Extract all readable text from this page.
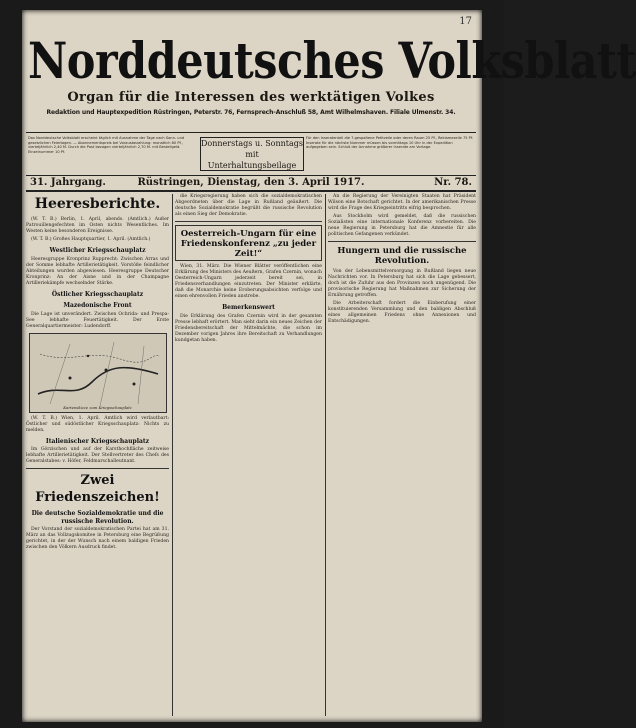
17
Norddeutsches Volksblatt
Organ für die Interessen des werktätigen Volkes
Redaktion und Hauptexpedition Rüstringen, Peterstr. 76, Fernsprech-Anschluß 58, Amt Wilhelmshaven. Filiale Ulmenstr. 34.
Das Norddeutsche Volksblatt erscheint täglich mit Ausnahme der Tage nach Sonn- und gesetzlichen Feiertagen. — Abonnementspreis bei Vorausbezahlung: monatlich 80 Pf., vierteljährlich 2,40 M. Durch die Post bezogen vierteljährlich 2,70 M. mit Bestellgeld. Einzelnummer 10 Pf.
Donnerstags u. Sonntags
mit Unterhaltungsbeilage
Für den Inseratenteil die 7-gespaltene Petitzeile oder deren Raum 25 Pf., Reklamezeile 75 Pf. Inserate für die nächste Nummer müssen bis vormittags 10 Uhr in der Expedition aufgegeben sein. Schluß der Annahme größerer Inserate am Vortage.
31. Jahrgang.	Rüstringen, Dienstag, den 3. April 1917.	Nr. 78.
Heeresberichte.

(W. T. B.) Berlin, 1. April, abends. (Amtlich.) Außer Patrouillengefechten im Osten nichts Wesentliches. Im Westen keine besonderen Ereignisse.

(W. T. B.) Großes Hauptquartier, 1. April. (Amtlich.)

Westlicher Kriegsschauplatz

Heeresgruppe Kronprinz Rupprecht: Zwischen Arras und der Somme lebhafte Artillerietätigkeit. Vorstöße feindlicher Abteilungen wurden abgewiesen. Heeresgruppe Deutscher Kronprinz: An der Aisne und in der Champagne Artilleriekämpfe wechselnder Stärke.

Östlicher Kriegsschauplatz
Mazedonische Front

Die Lage ist unverändert. Zwischen Ochrida- und Prespa-See lebhafte Feuertätigkeit. Der Erste Generalquartiermeister: Ludendorff.

Kartenskizze zum Kriegsschauplatz

(W. T. B.) Wien, 1. April. Amtlich wird verlautbart: Östlicher und südöstlicher Kriegsschauplatz: Nichts zu melden.

Italienischer Kriegsschauplatz

Im Görzischen und auf der Karsthochfläche zeitweise lebhafte Artillerietätigkeit. Der Stellvertreter des Chefs des Generalstabes: v. Höfer, Feldmarschalleutnant.

Zwei Friedenszeichen!
Die deutsche Sozialdemokratie und die russische Revolution.

Der Vorstand der sozialdemokratischen Partei hat am 31. März an das Vollzugskomitee in Petersburg eine Begrüßung gerichtet, in der der Wunsch nach einem baldigen Frieden zwischen den Völkern Ausdruck findet.

die Kriegsregierung haben sich die sozialdemokratischen Abgeordneten über die Lage in Rußland geäußert. Die deutsche Sozialdemokratie begrüßt die russische Revolution als einen Sieg der Demokratie.

Oesterreich-Ungarn für eine Friedenskonferenz „zu jeder Zeit!“

Wien, 31. März. Die Wiener Blätter veröffentlichen eine Erklärung des Ministers des Aeußern, Grafen Czernin, wonach Oesterreich-Ungarn jederzeit bereit sei, in Friedensverhandlungen einzutreten. Der Minister erklärte, daß die Monarchie keine Eroberungsabsichten verfolge und einen ehrenvollen Frieden anstrebe.

Bemerkenswert

Die Erklärung des Grafen Czernin wird in der gesamten Presse lebhaft erörtert. Man sieht darin ein neues Zeichen der Friedensbereitschaft der Mittelmächte, die schon im Dezember vorigen Jahres ihre Bereitschaft zu Verhandlungen kundgetan haben.

An die Regierung der Vereinigten Staaten hat Präsident Wilson eine Botschaft gerichtet. In der amerikanischen Presse wird die Frage des Kriegseintritts eifrig besprochen.

Aus Stockholm wird gemeldet, daß die russischen Sozialisten eine internationale Konferenz vorbereiten. Die neue Regierung in Petersburg hat die Amnestie für alle politischen Gefangenen verkündet.

Hungern und die russische Revolution.

Von der Lebensmittelversorgung in Rußland liegen neue Nachrichten vor. In Petersburg hat sich die Lage gebessert, doch ist die Zufuhr aus den Provinzen noch ungenügend. Die provisorische Regierung hat Maßnahmen zur Sicherung der Ernährung getroffen.

Die Arbeiterschaft fordert die Einberufung einer konstituierenden Versammlung und den baldigen Abschluß eines allgemeinen Friedens ohne Annexionen und Entschädigungen.
